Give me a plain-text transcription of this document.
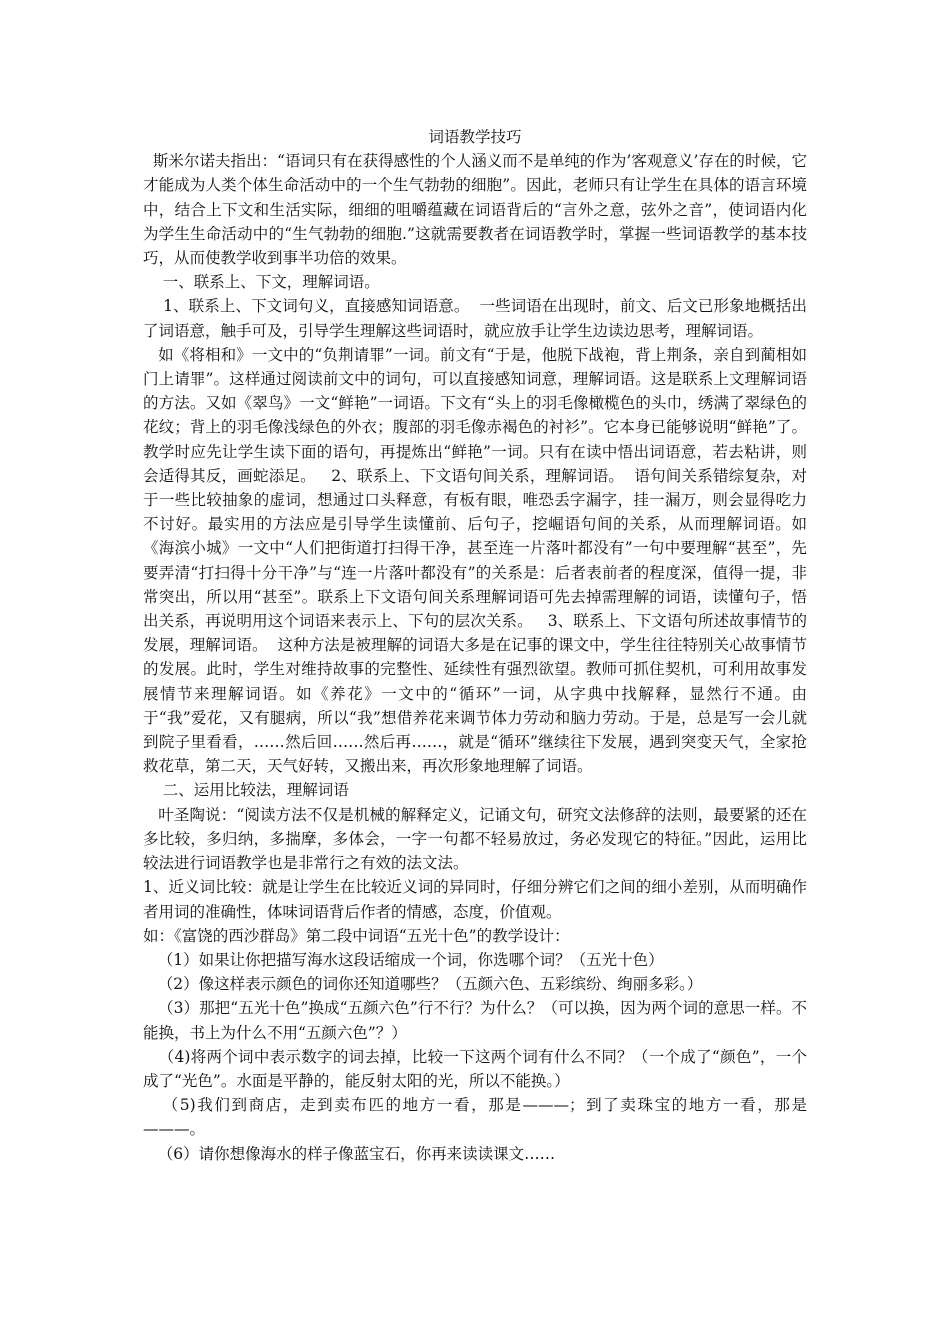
词语教学技巧

斯米尔诺夫指出：“语词只有在获得感性的个人涵义而不是单纯的作为’客观意义’存在的时候，它才能成为人类个体生命活动中的一个生气勃勃的细胞”。因此，老师只有让学生在具体的语言环境中，结合上下文和生活实际，细细的咀嚼蕴藏在词语背后的“言外之意，弦外之音”，使词语内化为学生生命活动中的“生气勃勃的细胞.”这就需要教者在词语教学时，掌握一些词语教学的基本技巧，从而使教学收到事半功倍的效果。

一、联系上、下文，理解词语。

1、联系上、下文词句义，直接感知词语意。  一些词语在出现时，前文、后文已形象地概括出了词语意，触手可及，引导学生理解这些词语时，就应放手让学生边读边思考，理解词语。

如《将相和》一文中的“负荆请罪”一词。前文有“于是，他脱下战袍，背上荆条，亲自到蔺相如门上请罪”。这样通过阅读前文中的词句，可以直接感知词意，理解词语。这是联系上文理解词语的方法。又如《翠鸟》一文“鲜艳”一词语。下文有“头上的羽毛像橄榄色的头巾，绣满了翠绿色的花纹；背上的羽毛像浅绿色的外衣；腹部的羽毛像赤褐色的衬衫”。它本身已能够说明“鲜艳”了。教学时应先让学生读下面的语句，再提炼出“鲜艳”一词。只有在读中悟出词语意，若去粘讲，则会适得其反，画蛇添足。   2、联系上、下文语句间关系，理解词语。  语句间关系错综复杂，对于一些比较抽象的虚词，想通过口头释意，有板有眼，唯恐丢字漏字，挂一漏万，则会显得吃力不讨好。最实用的方法应是引导学生读懂前、后句子，挖崛语句间的关系，从而理解词语。如《海滨小城》一文中“人们把街道打扫得干净，甚至连一片落叶都没有”一句中要理解“甚至”，先要弄清“打扫得十分干净”与“连一片落叶都没有”的关系是：后者表前者的程度深，值得一提，非常突出，所以用“甚至”。联系上下文语句间关系理解词语可先去掉需理解的词语，读懂句子，悟出关系，再说明用这个词语来表示上、下句的层次关系。   3、联系上、下文语句所述故事情节的发展，理解词语。  这种方法是被理解的词语大多是在记事的课文中，学生往往特别关心故事情节的发展。此时，学生对维持故事的完整性、延续性有强烈欲望。教师可抓住契机，可利用故事发展情节来理解词语。如《养花》一文中的“循环”一词，从字典中找解释，显然行不通。由于“我”爱花，又有腿病，所以“我”想借养花来调节体力劳动和脑力劳动。于是，总是写一会儿就到院子里看看，……然后回……然后再……，就是“循环”继续往下发展，遇到突变天气，全家抢救花草，第二天，天气好转，又搬出来，再次形象地理解了词语。

二、运用比较法，理解词语

叶圣陶说：“阅读方法不仅是机械的解释定义，记诵文句，研究文法修辞的法则，最要紧的还在多比较，多归纳，多揣摩，多体会，一字一句都不轻易放过，务必发现它的特征。”因此，运用比较法进行词语教学也是非常行之有效的法文法。

1、近义词比较：就是让学生在比较近义词的异同时，仔细分辨它们之间的细小差别，从而明确作者用词的准确性，体味词语背后作者的情感，态度，价值观。

如：《富饶的西沙群岛》第二段中词语“五光十色”的教学设计：

（1）如果让你把描写海水这段话缩成一个词，你选哪个词？（五光十色）

（2）像这样表示颜色的词你还知道哪些？（五颜六色、五彩缤纷、绚丽多彩。）

（3）那把“五光十色”换成“五颜六色”行不行？为什么？（可以换，因为两个词的意思一样。不能换，书上为什么不用“五颜六色”？）

（4)将两个词中表示数字的词去掉，比较一下这两个词有什么不同？（一个成了“颜色”，一个成了“光色”。水面是平静的，能反射太阳的光，所以不能换。）

（5)我们到商店，走到卖布匹的地方一看，那是———；到了卖珠宝的地方一看，那是———。

（6）请你想像海水的样子像蓝宝石，你再来读读课文……
